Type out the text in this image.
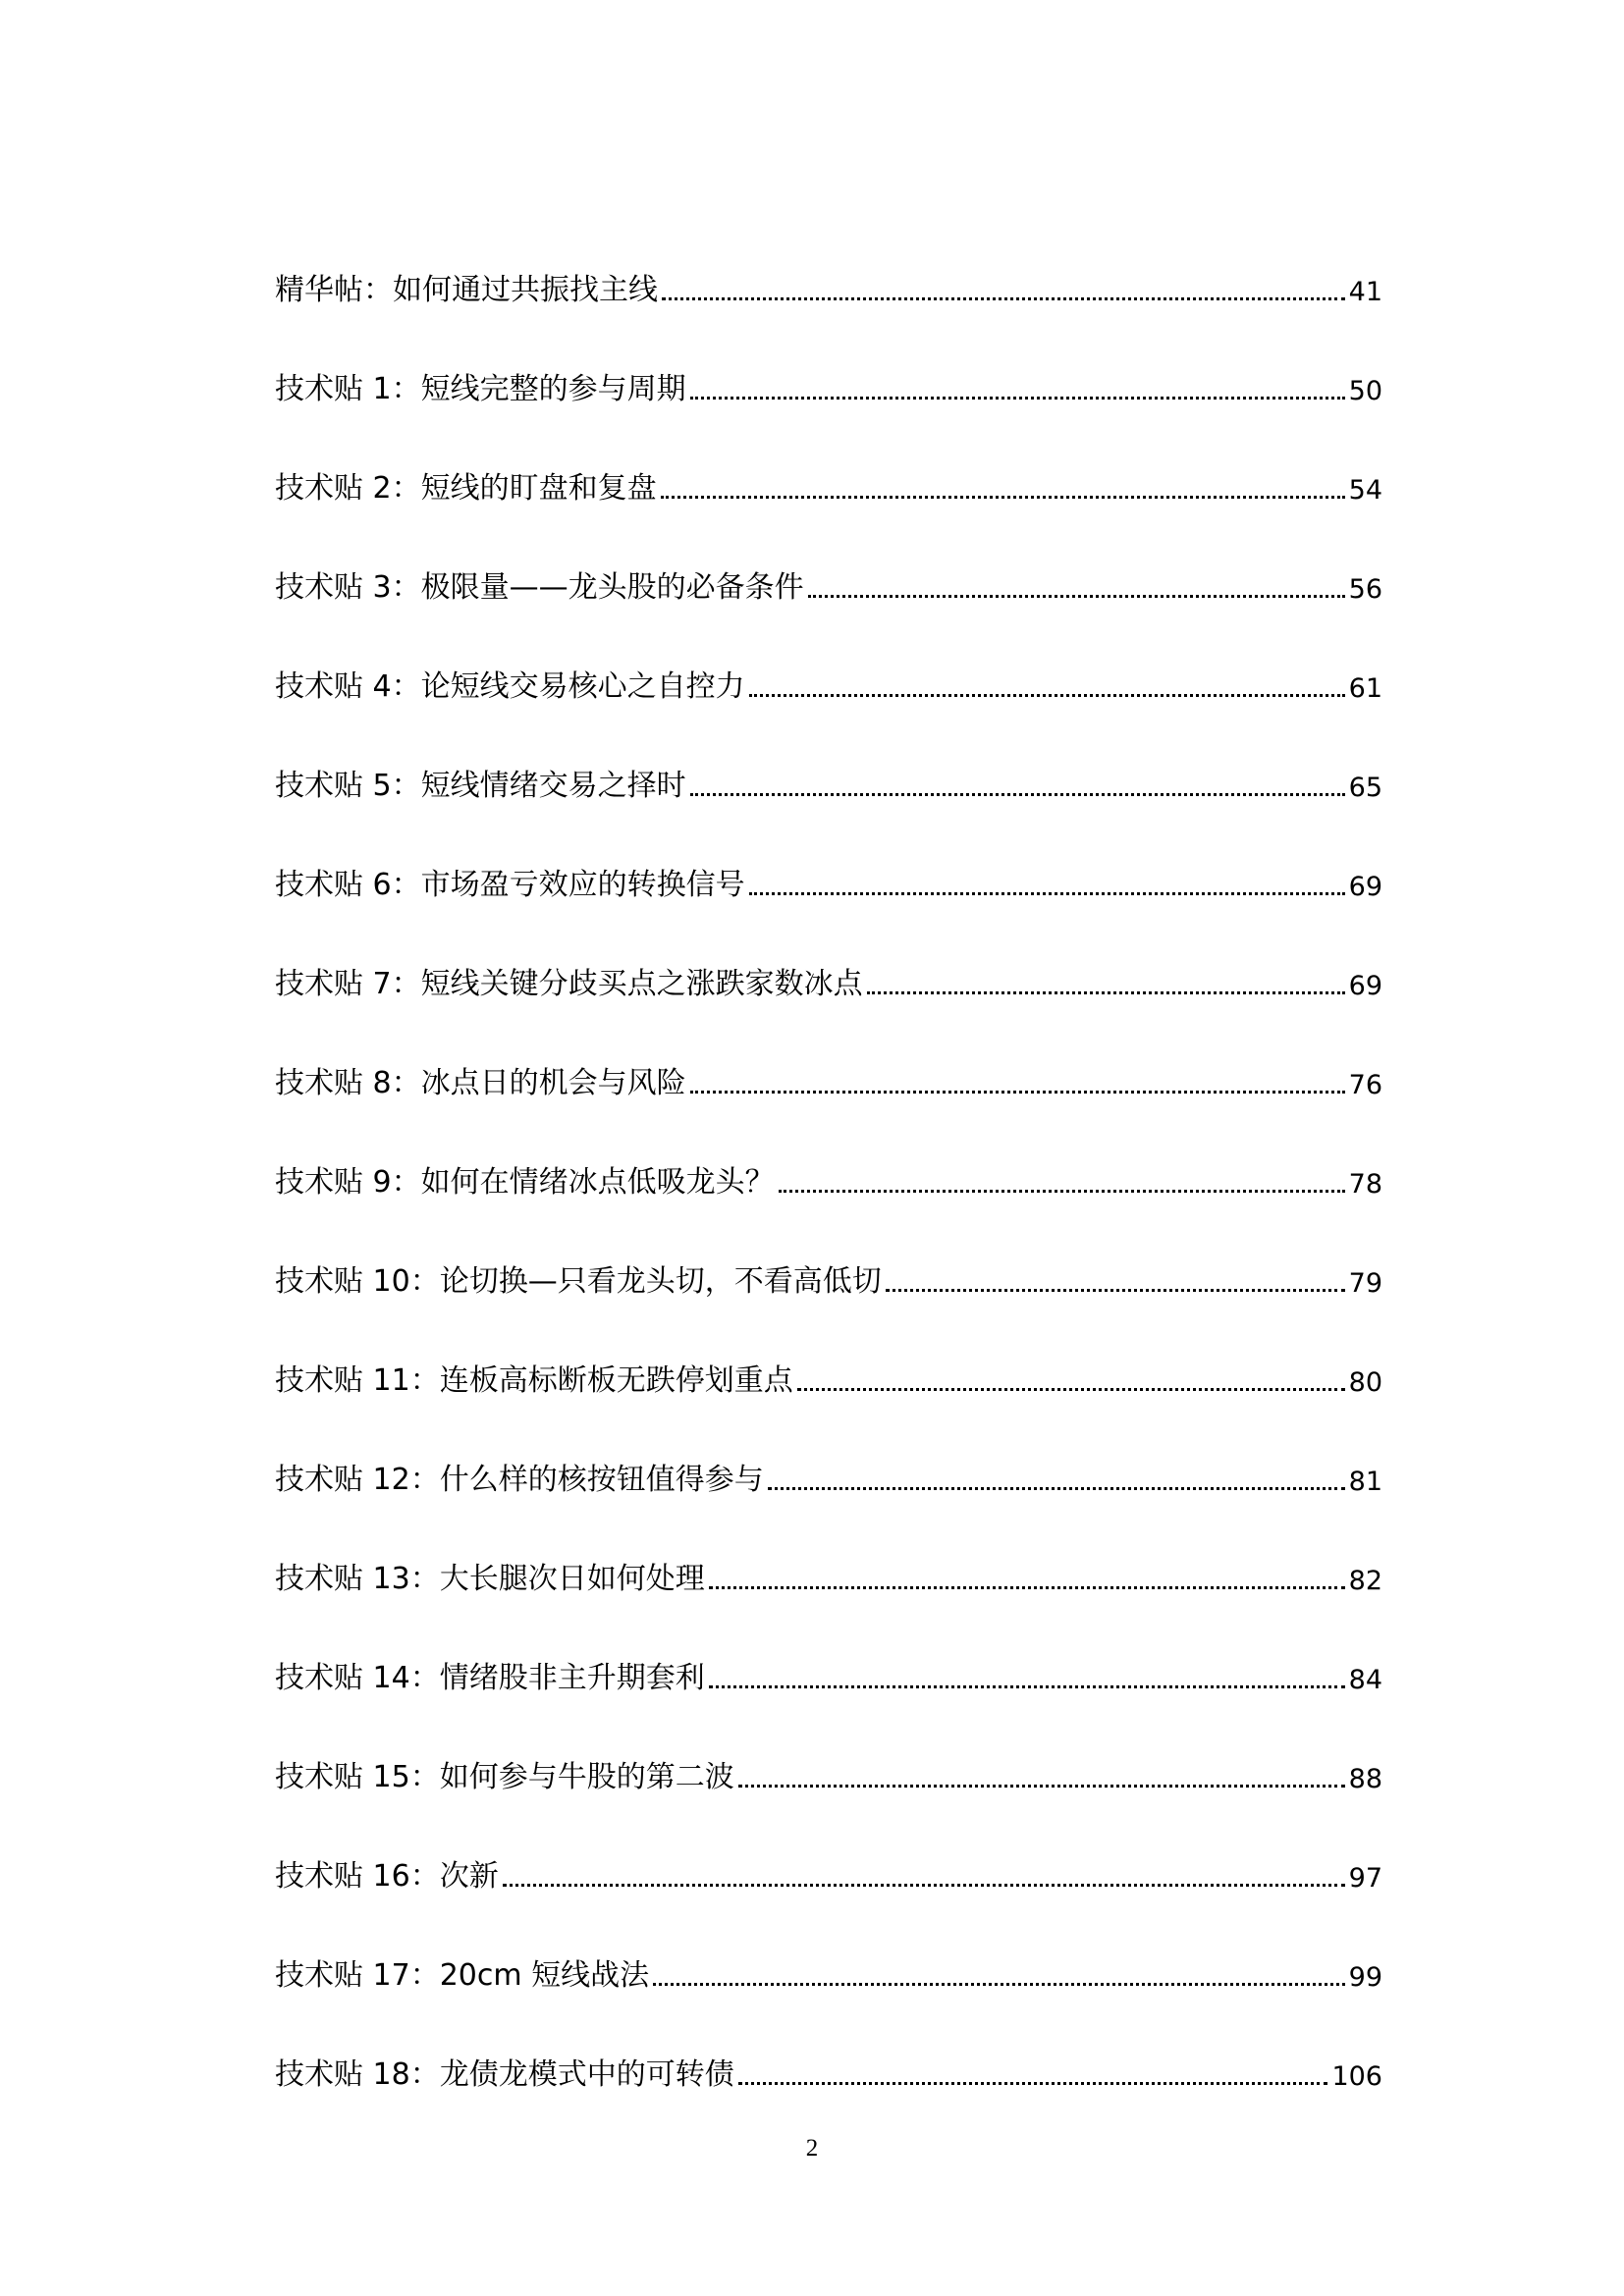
精华帖：如何通过共振找主线	41
技术贴 1：短线完整的参与周期	50
技术贴 2：短线的盯盘和复盘	54
技术贴 3：极限量——龙头股的必备条件	56
技术贴 4：论短线交易核心之自控力	61
技术贴 5：短线情绪交易之择时	65
技术贴 6：市场盈亏效应的转换信号	69
技术贴 7：短线关键分歧买点之涨跌家数冰点	69
技术贴 8：冰点日的机会与风险	76
技术贴 9：如何在情绪冰点低吸龙头？	78
技术贴 10：论切换—只看龙头切，不看高低切	79
技术贴 11：连板高标断板无跌停划重点	80
技术贴 12：什么样的核按钮值得参与	81
技术贴 13：大长腿次日如何处理	82
技术贴 14：情绪股非主升期套利	84
技术贴 15：如何参与牛股的第二波	88
技术贴 16：次新	97
技术贴 17：20cm 短线战法	99
技术贴 18：龙债龙模式中的可转债	106
2
